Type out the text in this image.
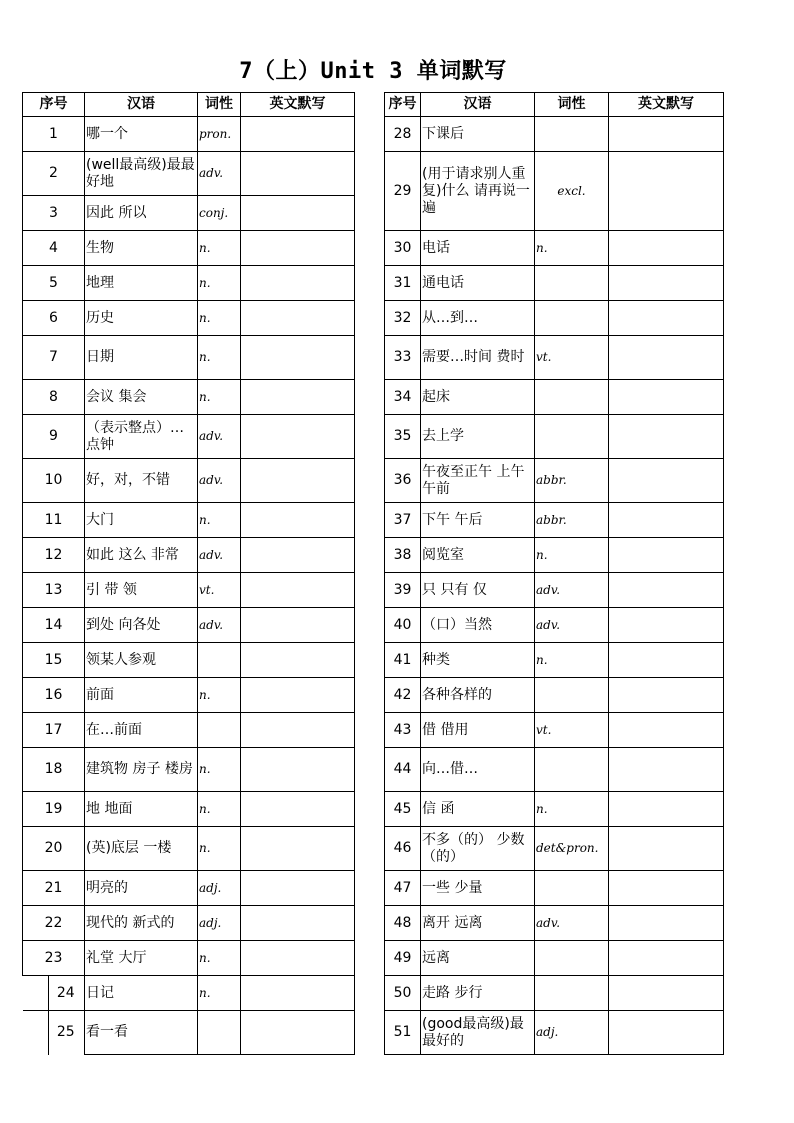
7（上）Unit 3 单词默写
序号	汉语	词性	英文默写
1	哪一个	pron.	
2	(well最高级)最最好地	adv.	
3	因此 所以	conj.	
4	生物	n.	
5	地理	n.	
6	历史	n.	
7	日期	n.	
8	会议 集会	n.	
9	（表示整点）…点钟	adv.	
10	好，对，不错	adv.	
11	大门	n.	
12	如此 这么 非常	adv.	
13	引 带 领	vt.	
14	到处 向各处	adv.	
15	领某人参观		
16	前面	n.	
17	在…前面		
18	建筑物 房子 楼房	n.	
19	地 地面	n.	
20	(英)底层 一楼	n.	
21	明亮的	adj.	
22	现代的 新式的	adj.	
23	礼堂 大厅	n.	
24	日记	n.	
25	看一看		
序号	汉语	词性	英文默写
28	下课后		
29	(用于请求别人重复)什么 请再说一遍	excl.	
30	电话	n.	
31	通电话		
32	从…到…		
33	需要…时间 费时	vt.	
34	起床		
35	去上学		
36	午夜至正午 上午 午前	abbr.	
37	下午 午后	abbr.	
38	阅览室	n.	
39	只 只有 仅	adv.	
40	（口）当然	adv.	
41	种类	n.	
42	各种各样的		
43	借 借用	vt.	
44	向…借…		
45	信 函	n.	
46	不多（的） 少数（的）	det&pron.	
47	一些 少量		
48	离开 远离	adv.	
49	远离		
50	走路 步行		
51	(good最高级)最最好的	adj.	
